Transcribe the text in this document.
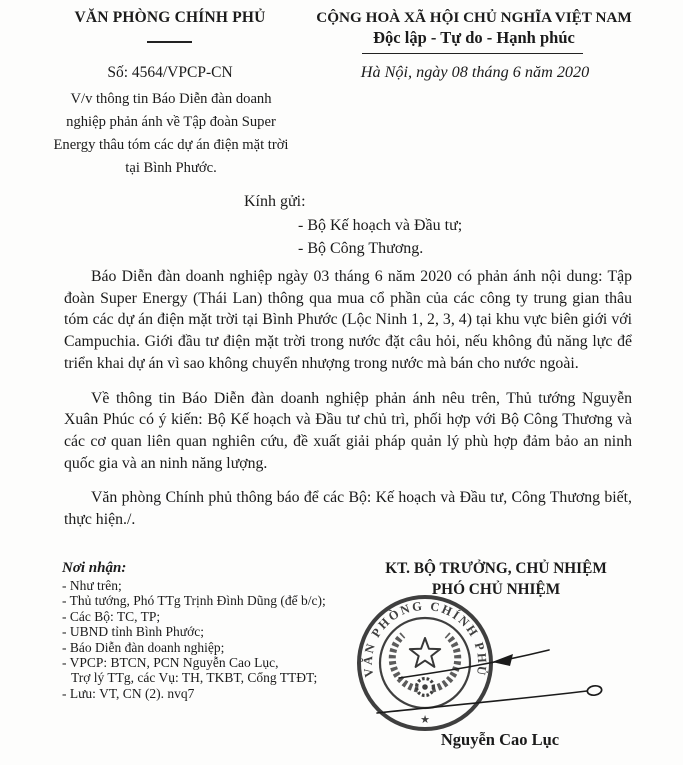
VĂN PHÒNG CHÍNH PHỦ
Số: 4564/VPCP-CN
V/v thông tin Báo Diễn đàn doanh nghiệp phản ánh về Tập đoàn Super Energy thâu tóm các dự án điện mặt trời tại Bình Phước.
CỘNG HOÀ XÃ HỘI CHỦ NGHĨA VIỆT NAM
Độc lập - Tự do - Hạnh phúc
Hà Nội, ngày 08 tháng 6 năm 2020
Kính gửi:
- Bộ Kế hoạch và Đầu tư;
- Bộ Công Thương.

Báo Diễn đàn doanh nghiệp ngày 03 tháng 6 năm 2020 có phản ánh nội dung: Tập đoàn Super Energy (Thái Lan) thông qua mua cổ phần của các công ty trung gian thâu tóm các dự án điện mặt trời tại Bình Phước (Lộc Ninh 1, 2, 3, 4) tại khu vực biên giới với Campuchia. Giới đầu tư điện mặt trời trong nước đặt câu hỏi, nếu không đủ năng lực để triển khai dự án vì sao không chuyển nhượng trong nước mà bán cho nước ngoài.

Về thông tin Báo Diễn đàn doanh nghiệp phản ánh nêu trên, Thủ tướng Nguyễn Xuân Phúc có ý kiến: Bộ Kế hoạch và Đầu tư chủ trì, phối hợp với Bộ Công Thương và các cơ quan liên quan nghiên cứu, đề xuất giải pháp quản lý phù hợp đảm bảo an ninh quốc gia và an ninh năng lượng.

Văn phòng Chính phủ thông báo để các Bộ: Kế hoạch và Đầu tư, Công Thương biết, thực hiện./.

Nơi nhận:
- Như trên;
- Thủ tướng, Phó TTg Trịnh Đình Dũng (để b/c);
- Các Bộ: TC, TP;
- UBND tỉnh Bình Phước;
- Báo Diễn đàn doanh nghiệp;
- VPCP: BTCN, PCN Nguyễn Cao Lục,
Trợ lý TTg, các Vụ: TH, TKBT, Cổng TTĐT;
- Lưu: VT, CN (2). nvq7
KT. BỘ TRƯỞNG, CHỦ NHIỆM
PHÓ CHỦ NHIỆM
Nguyễn Cao Lục
VĂN PHÒNG CHÍNH PHỦ
★
